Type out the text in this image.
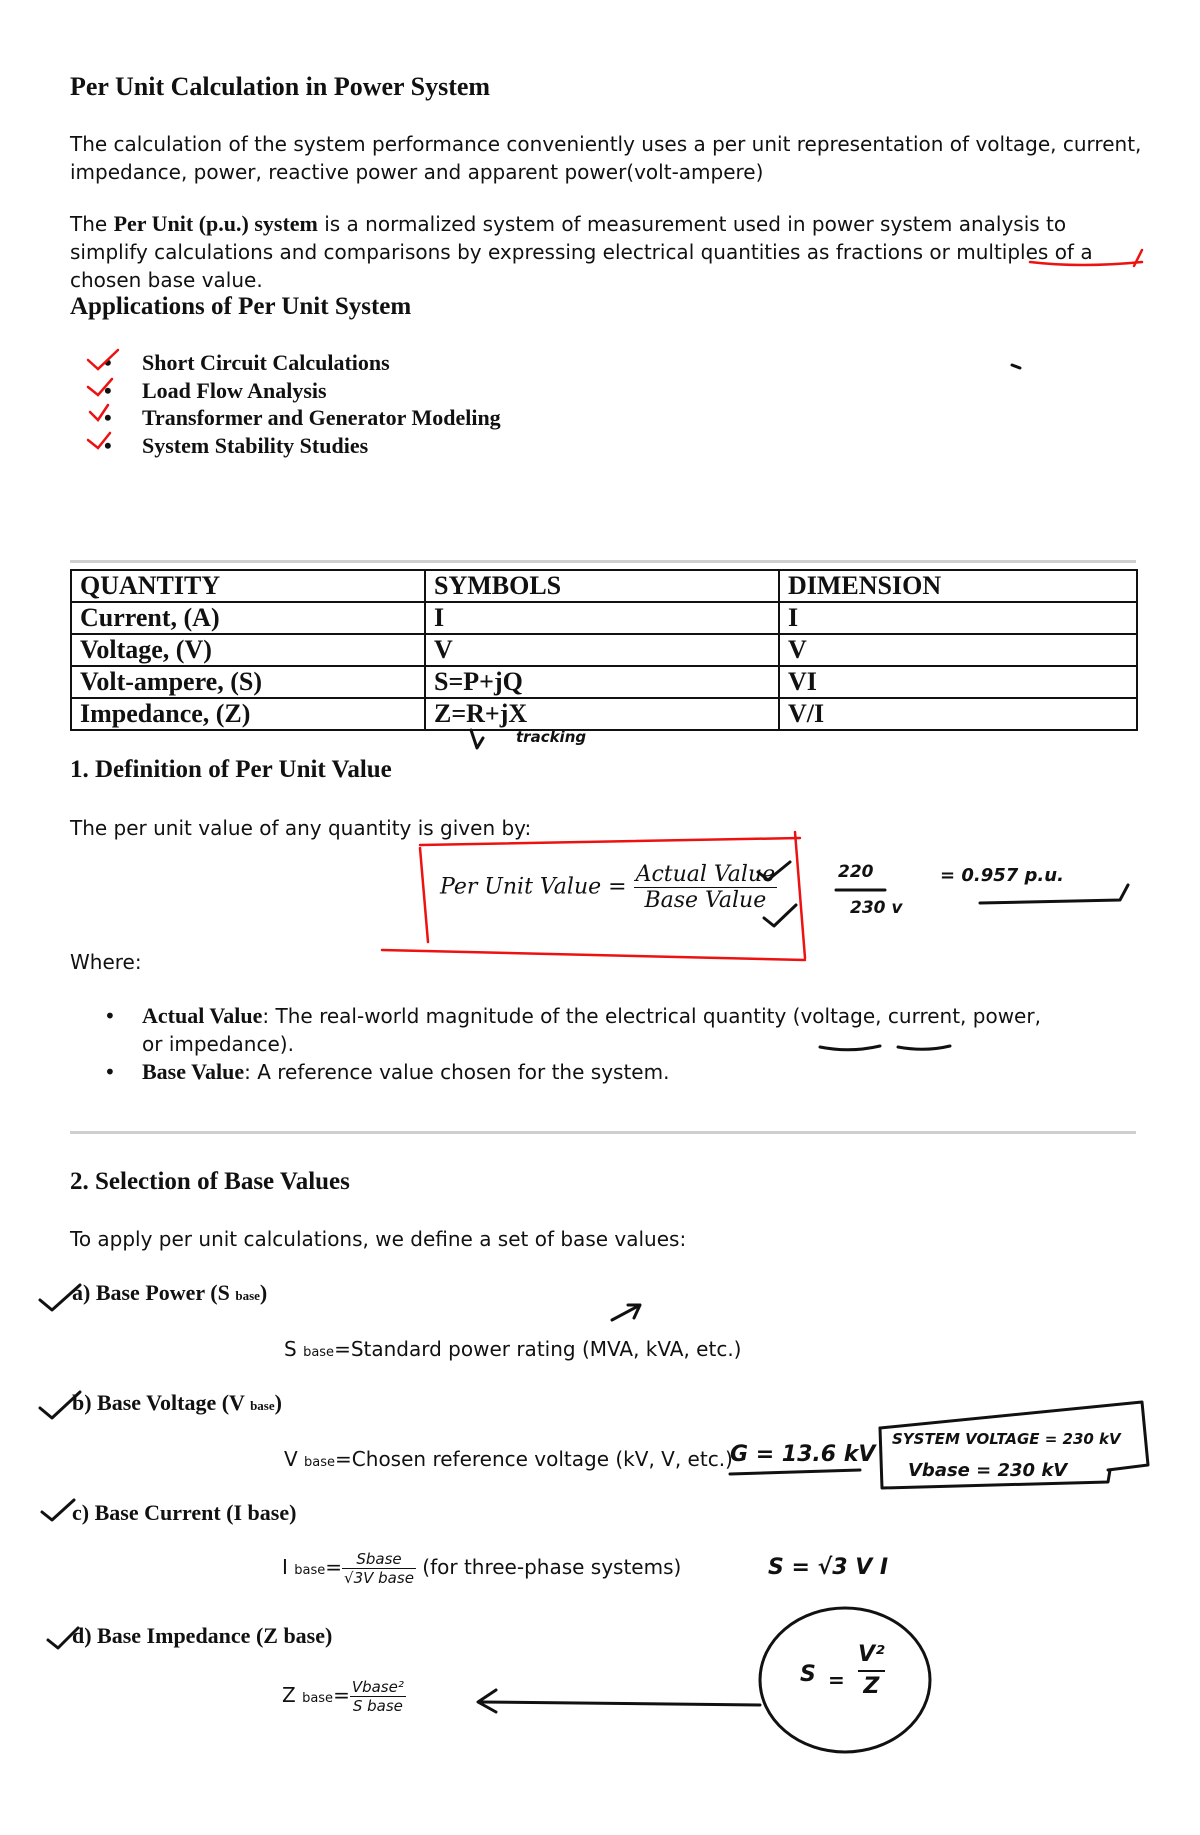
Per Unit Calculation in Power System
The calculation of the system performance conveniently uses a per unit representation of voltage, current, impedance, power, reactive power and apparent power(volt-ampere)
The Per Unit (p.u.) system is a normalized system of measurement used in power system analysis to simplify calculations and comparisons by expressing electrical quantities as fractions or multiples of a chosen base value.
Applications of Per Unit System
• Short Circuit Calculations
• Load Flow Analysis
• Transformer and Generator Modeling
• System Stability Studies
QUANTITY	SYMBOLS	DIMENSION
Current, (A)	I	I
Voltage, (V)	V	V
Volt-ampere, (S)	S=P+jQ	VI
Impedance, (Z)	Z=R+jX	V/I
1. Definition of Per Unit Value
The per unit value of any quantity is given by:
Per Unit Value = $\frac{\text{Actual Value}}{\text{Base Value}}$
Where:
• Actual Value: The real-world magnitude of the electrical quantity (voltage, current, power, or impedance).
• Base Value: A reference value chosen for the system.
2. Selection of Base Values
To apply per unit calculations, we define a set of base values:
a) Base Power (S base)
S base=Standard power rating (MVA, kVA, etc.)
b) Base Voltage (V base)
V base=Chosen reference voltage (kV, V, etc.)
c) Base Current (I base)
I base= $\frac{\text{Sbase}}{\text{√3V base}} (for$ three-phase systems)
d) Base Impedance (Z base)
Z base= $\frac{\text{Vbase²}}{\text{S base}}$
tracking
220
230 v
= 0.957 p.u.
G = 13.6 kV
SYSTEM VOLTAGE = 230 kV
Vbase = 230 kV
S = √3 V I
S =
V²
Z
